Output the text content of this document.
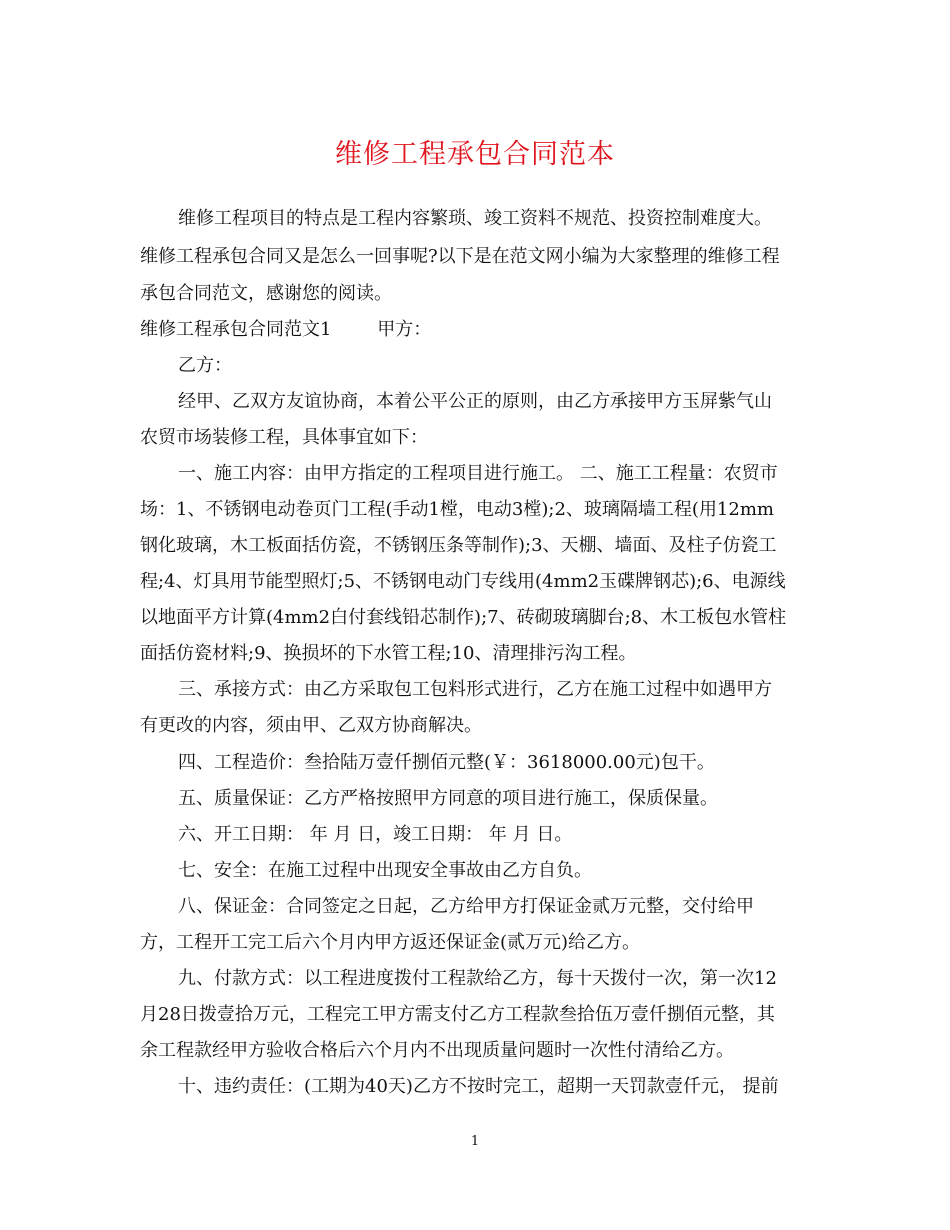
维修工程承包合同范本
维修工程项目的特点是工程内容繁琐、竣工资料不规范、投资控制难度大。
维修工程承包合同又是怎么一回事呢?以下是在范文网小编为大家整理的维修工程
承包合同范文，感谢您的阅读。
维修工程承包合同范文1        甲方：
乙方：
经甲、乙双方友谊协商，本着公平公正的原则，由乙方承接甲方玉屏紫气山
农贸市场装修工程，具体事宜如下：
一、施工内容：由甲方指定的工程项目进行施工。 二、施工工程量：农贸市
场：1、不锈钢电动卷页门工程(手动1樘，电动3樘);2、玻璃隔墙工程(用12mm
钢化玻璃，木工板面括仿瓷，不锈钢压条等制作);3、天棚、墙面、及柱子仿瓷工
程;4、灯具用节能型照灯;5、不锈钢电动门专线用(4mm2玉碟牌钢芯);6、电源线
以地面平方计算(4mm2白付套线铅芯制作);7、砖砌玻璃脚台;8、木工板包水管柱
面括仿瓷材料;9、换损坏的下水管工程;10、清理排污沟工程。
三、承接方式：由乙方采取包工包料形式进行，乙方在施工过程中如遇甲方
有更改的内容，须由甲、乙双方协商解决。
四、工程造价：叁拾陆万壹仟捌佰元整(￥：3618000.00元)包干。
五、质量保证：乙方严格按照甲方同意的项目进行施工，保质保量。
六、开工日期： 年 月 日，竣工日期： 年 月 日。
七、安全：在施工过程中出现安全事故由乙方自负。
八、保证金：合同签定之日起，乙方给甲方打保证金贰万元整，交付给甲
方，工程开工完工后六个月内甲方返还保证金(贰万元)给乙方。
九、付款方式：以工程进度拨付工程款给乙方，每十天拨付一次，第一次12
月28日拨壹拾万元，工程完工甲方需支付乙方工程款叁拾伍万壹仟捌佰元整，其
余工程款经甲方验收合格后六个月内不出现质量问题时一次性付清给乙方。
十、违约责任：(工期为40天)乙方不按时完工，超期一天罚款壹仟元， 提前
1
